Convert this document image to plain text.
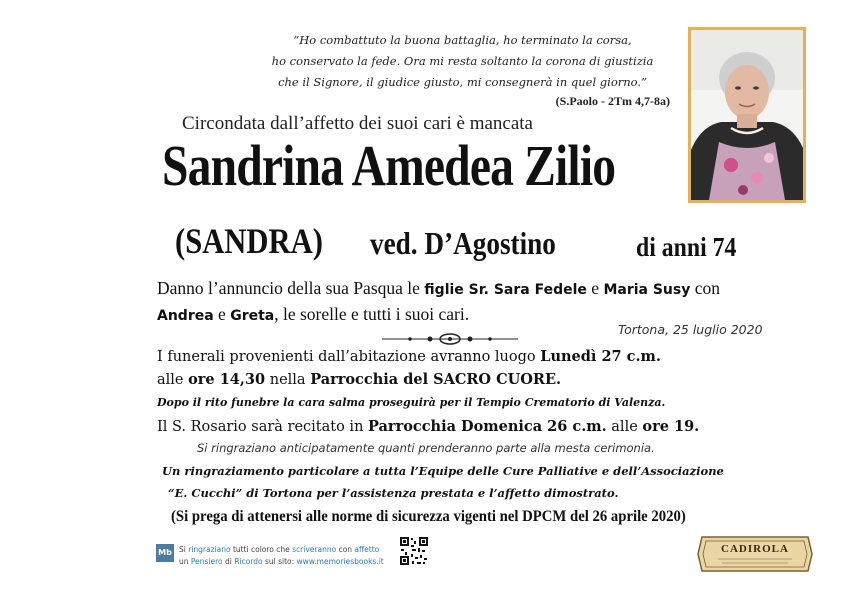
“Ho combattuto la buona battaglia, ho terminato la corsa,
ho conservato la fede. Ora mi resta soltanto la corona di giustizia
che il Signore, il giudice giusto, mi consegnerà in quel giorno.”
(S.Paolo - 2Tm 4,7-8a)
Circondata dall’affetto dei suoi cari è mancata
Sandrina Amedea Zilio
(SANDRA) ved. D’Agostino	di anni 74
Danno l’annuncio della sua Pasqua le figlie Sr. Sara Fedele e Maria Susy con
Andrea e Greta, le sorelle e tutti i suoi cari.
Tortona, 25 luglio 2020
I funerali provenienti dall’abitazione avranno luogo Lunedì 27 c.m.
alle ore 14,30 nella Parrocchia del SACRO CUORE.
Dopo il rito funebre la cara salma proseguirà per il Tempio Crematorio di Valenza.
Il S. Rosario sarà recitato in Parrocchia Domenica 26 c.m. alle ore 19.
Si ringraziano anticipatamente quanti prenderanno parte alla mesta cerimonia.
Un ringraziamento particolare a tutta l’Equipe delle Cure Palliative e dell’Associazione
“E. Cucchi” di Tortona per l’assistenza prestata e l’affetto dimostrato.
(Si prega di attenersi alle norme di sicurezza vigenti nel DPCM del 26 aprile 2020)
Mb Si ringraziano tutti coloro che scriveranno con affetto
un Pensiero di Ricordo sul sito: www.memoriesbooks.it
CADIROLA
